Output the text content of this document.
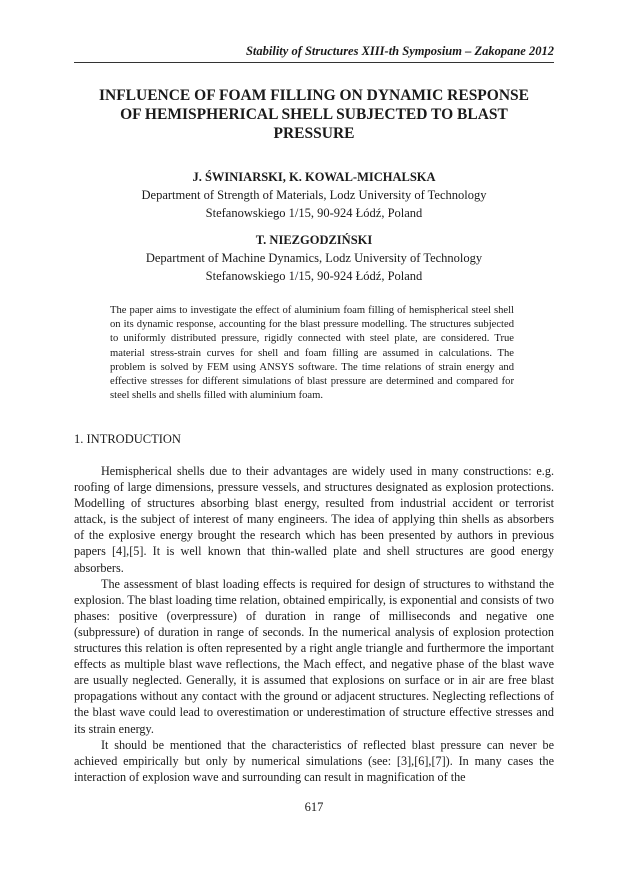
Stability of Structures XIII-th Symposium – Zakopane 2012
INFLUENCE OF FOAM FILLING ON DYNAMIC RESPONSE
OF HEMISPHERICAL SHELL SUBJECTED TO BLAST
PRESSURE
J. ŚWINIARSKI, K. KOWAL-MICHALSKA
Department of Strength of Materials, Lodz University of Technology
Stefanowskiego 1/15, 90-924 Łódź, Poland
T. NIEZGODZIŃSKI
Department of Machine Dynamics, Lodz University of Technology
Stefanowskiego 1/15, 90-924 Łódź, Poland
The paper aims to investigate the effect of aluminium foam filling of hemispherical steel shell on its dynamic response, accounting for the blast pressure modelling. The structures subjected to uniformly distributed pressure, rigidly connected with steel plate, are considered. True material stress-strain curves for shell and foam filling are assumed in calculations. The problem is solved by FEM using ANSYS software. The time relations of strain energy and effective stresses for different simulations of blast pressure are determined and compared for steel shells and shells filled with aluminium foam.
1. INTRODUCTION

Hemispherical shells due to their advantages are widely used in many constructions: e.g. roofing of large dimensions, pressure vessels, and structures designated as explosion protections. Modelling of structures absorbing blast energy, resulted from industrial accident or terrorist attack, is the subject of interest of many engineers. The idea of applying thin shells as absorbers of the explosive energy brought the research which has been presented by authors in previous papers [4],[5]. It is well known that thin-walled plate and shell structures are good energy absorbers.

The assessment of blast loading effects is required for design of structures to withstand the explosion. The blast loading time relation, obtained empirically, is exponential and consists of two phases: positive (overpressure) of duration in range of milliseconds and negative one (subpressure) of duration in range of seconds. In the numerical analysis of explosion protection structures this relation is often represented by a right angle triangle and furthermore the important effects as multiple blast wave reflections, the Mach effect, and negative phase of the blast wave are usually neglected. Generally, it is assumed that explosions on surface or in air are free blast propagations without any contact with the ground or adjacent structures. Neglecting reflections of the blast wave could lead to overestimation or underestimation of structure effective stresses and its strain energy.

It should be mentioned that the characteristics of reflected blast pressure can never be achieved empirically but only by numerical simulations (see: [3],[6],[7]). In many cases the interaction of explosion wave and surrounding can result in magnification of the

617
